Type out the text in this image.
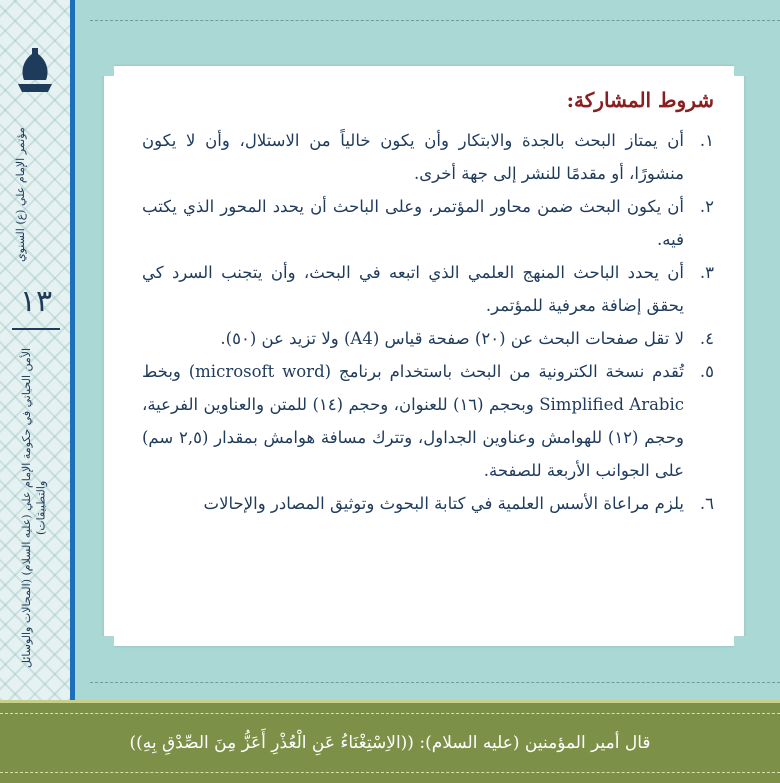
مؤتمر الإمام علي (ع) السنوي
١٣
الأمن الحياتي في حكومة الإمام علي (عليه السلام) (المجالات والوسائل والتطبيقات)
شروط المشاركة:
١.
أن يمتاز البحث بالجدة والابتكار وأن يكون خالياً من الاستلال، وأن لا يكون منشورًا، أو مقدمًا للنشر إلى جهة أخرى.
٢.
أن يكون البحث ضمن محاور المؤتمر، وعلى الباحث أن يحدد المحور الذي يكتب فيه.
٣.
أن يحدد الباحث المنهج العلمي الذي اتبعه في البحث، وأن يتجنب السرد كي يحقق إضافة معرفية للمؤتمر.
٤.
لا تقل صفحات البحث عن (٢٠) صفحة قياس (A4) ولا تزيد عن (٥٠).
٥.
تُقدم نسخة الكترونية من البحث باستخدام برنامج (microsoft word) وبخط Simplified Arabic وبحجم (١٦) للعنوان، وحجم (١٤) للمتن والعناوين الفرعية، وحجم (١٢) للهوامش وعناوين الجداول، وتترك مسافة هوامش بمقدار (٢,٥ سم) على الجوانب الأربعة للصفحة.
٦.
يلزم مراعاة الأسس العلمية في كتابة البحوث وتوثيق المصادر والإحالات
قال أمير المؤمنين (عليه السلام): ((الاِسْتِغْنَاءُ عَنِ الْعُذْرِ أَعَزُّ مِنَ الصِّدْقِ بِهِ))
